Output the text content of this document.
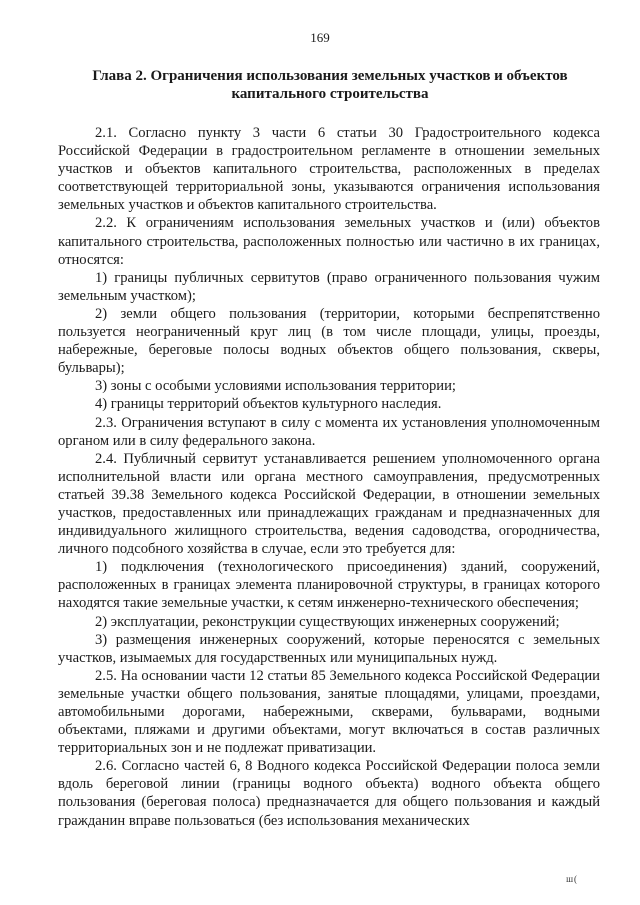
169
Глава 2. Ограничения использования земельных участков и объектов капитального строительства

2.1. Согласно пункту 3 части 6 статьи 30 Градостроительного кодекса Российской Федерации в градостроительном регламенте в отношении земельных участков и объектов капитального строительства, расположенных в пределах соответствующей территориальной зоны, указываются ограничения использования земельных участков и объектов капитального строительства.

2.2. К ограничениям использования земельных участков и (или) объектов капитального строительства, расположенных полностью или частично в их границах, относятся:

1) границы публичных сервитутов (право ограниченного пользования чужим земельным участком);

2) земли общего пользования (территории, которыми беспрепятственно пользуется неограниченный круг лиц (в том числе площади, улицы, проезды, набережные, береговые полосы водных объектов общего пользования, скверы, бульвары);

3) зоны с особыми условиями использования территории;

4) границы территорий объектов культурного наследия.

2.3. Ограничения вступают в силу с момента их установления уполномоченным органом или в силу федерального закона.

2.4. Публичный сервитут устанавливается решением уполномоченного органа исполнительной власти или органа местного самоуправления, предусмотренных статьей 39.38 Земельного кодекса Российской Федерации, в отношении земельных участков, предоставленных или принадлежащих гражданам и предназначенных для индивидуального жилищного строительства, ведения садоводства, огородничества, личного подсобного хозяйства в случае, если это требуется для:

1) подключения (технологического присоединения) зданий, сооружений, расположенных в границах элемента планировочной структуры, в границах которого находятся такие земельные участки, к сетям инженерно-технического обеспечения;

2) эксплуатации, реконструкции существующих инженерных сооружений;

3) размещения инженерных сооружений, которые переносятся с земельных участков, изымаемых для государственных или муниципальных нужд.

2.5. На основании части 12 статьи 85 Земельного кодекса Российской Федерации земельные участки общего пользования, занятые площадями, улицами, проездами, автомобильными дорогами, набережными, скверами, бульварами, водными объектами, пляжами и другими объектами, могут включаться в состав различных территориальных зон и не подлежат приватизации.

2.6. Согласно частей 6, 8 Водного кодекса Российской Федерации полоса земли вдоль береговой линии (границы водного объекта) водного объекта общего пользования (береговая полоса) предназначается для общего пользования и каждый гражданин вправе пользоваться (без использования механических

ш(
